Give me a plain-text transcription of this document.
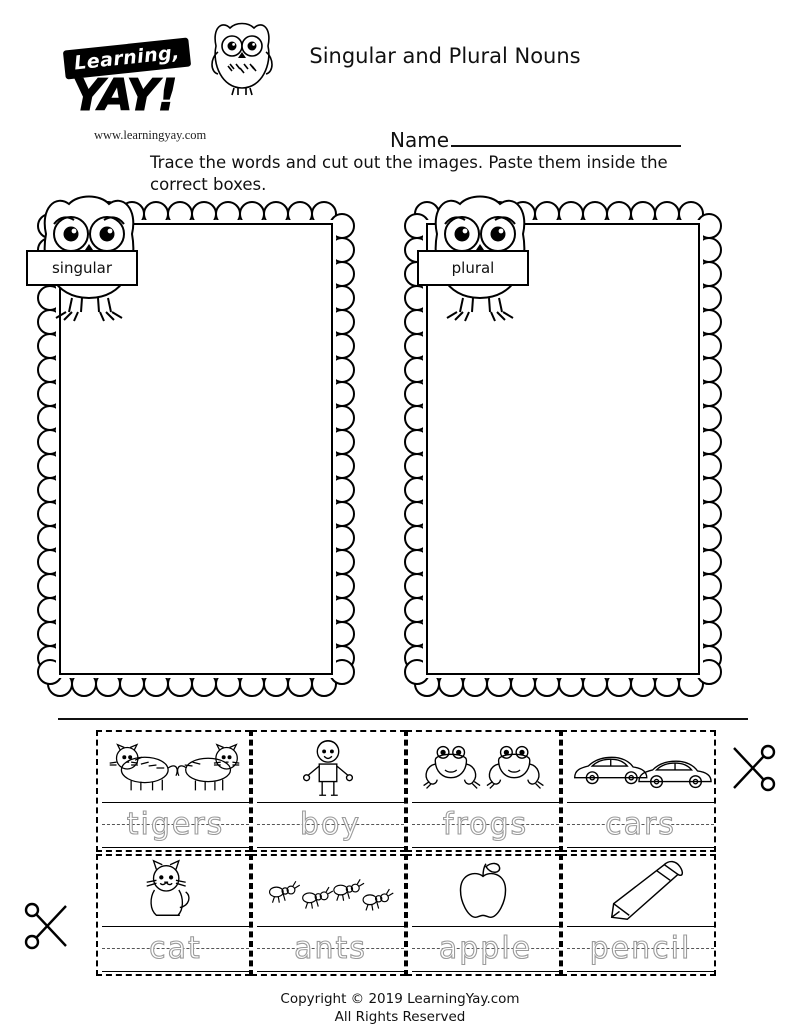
Learning,
YAY!
www.learningyay.com
Singular and Plural Nouns
Name
Trace the words and cut out the images. Paste them inside the correct boxes.
singular	plural
tigers	boy	frogs	cars
cat	ants	apple	pencil
Copyright © 2019 LearningYay.com
All Rights Reserved
